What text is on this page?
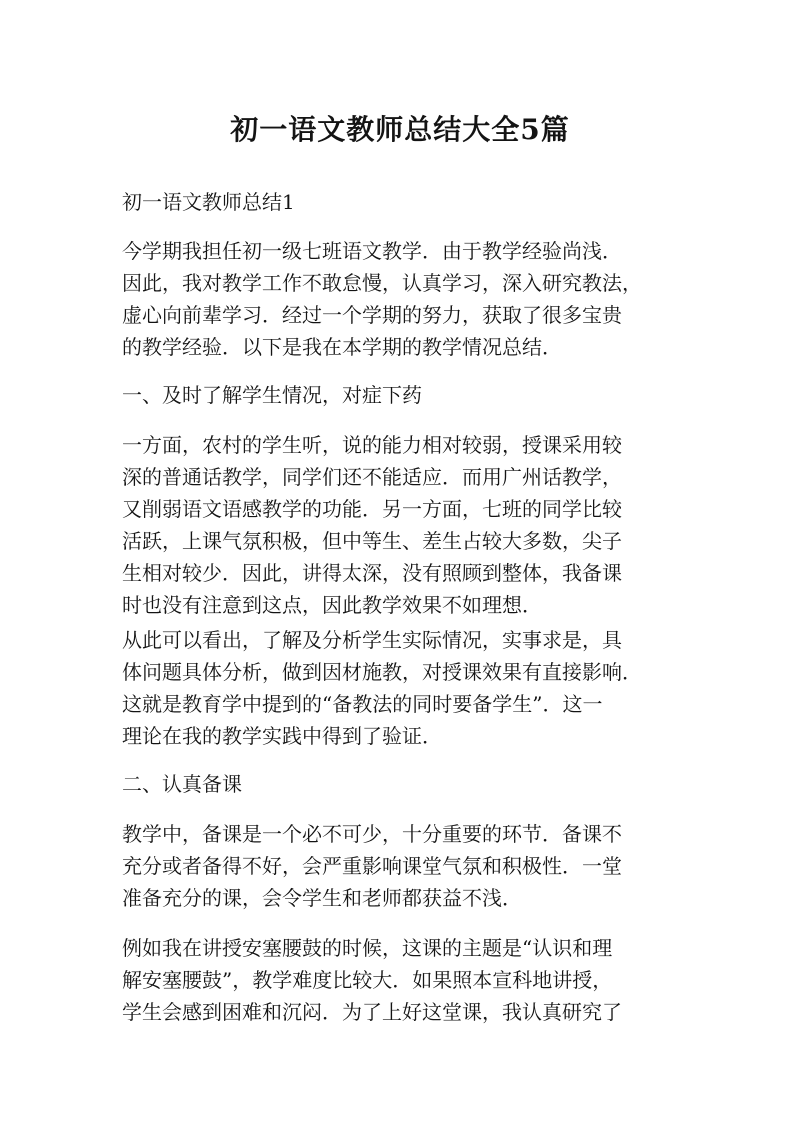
初一语文教师总结大全5篇
初一语文教师总结1
今学期我担任初一级七班语文教学．由于教学经验尚浅．
因此，我对教学工作不敢怠慢，认真学习，深入研究教法，
虚心向前辈学习．经过一个学期的努力，获取了很多宝贵
的教学经验．以下是我在本学期的教学情况总结．
一、及时了解学生情况，对症下药
一方面，农村的学生听，说的能力相对较弱，授课采用较
深的普通话教学，同学们还不能适应．而用广州话教学，
又削弱语文语感教学的功能．另一方面，七班的同学比较
活跃，上课气氛积极，但中等生、差生占较大多数，尖子
生相对较少．因此，讲得太深，没有照顾到整体，我备课
时也没有注意到这点，因此教学效果不如理想．
从此可以看出，了解及分析学生实际情况，实事求是，具
体问题具体分析，做到因材施教，对授课效果有直接影响．
这就是教育学中提到的“备教法的同时要备学生”．这一
理论在我的教学实践中得到了验证．
二、认真备课
教学中，备课是一个必不可少，十分重要的环节．备课不
充分或者备得不好，会严重影响课堂气氛和积极性．一堂
准备充分的课，会令学生和老师都获益不浅．
例如我在讲授安塞腰鼓的时候，这课的主题是“认识和理
解安塞腰鼓”，教学难度比较大．如果照本宣科地讲授，
学生会感到困难和沉闷．为了上好这堂课，我认真研究了
